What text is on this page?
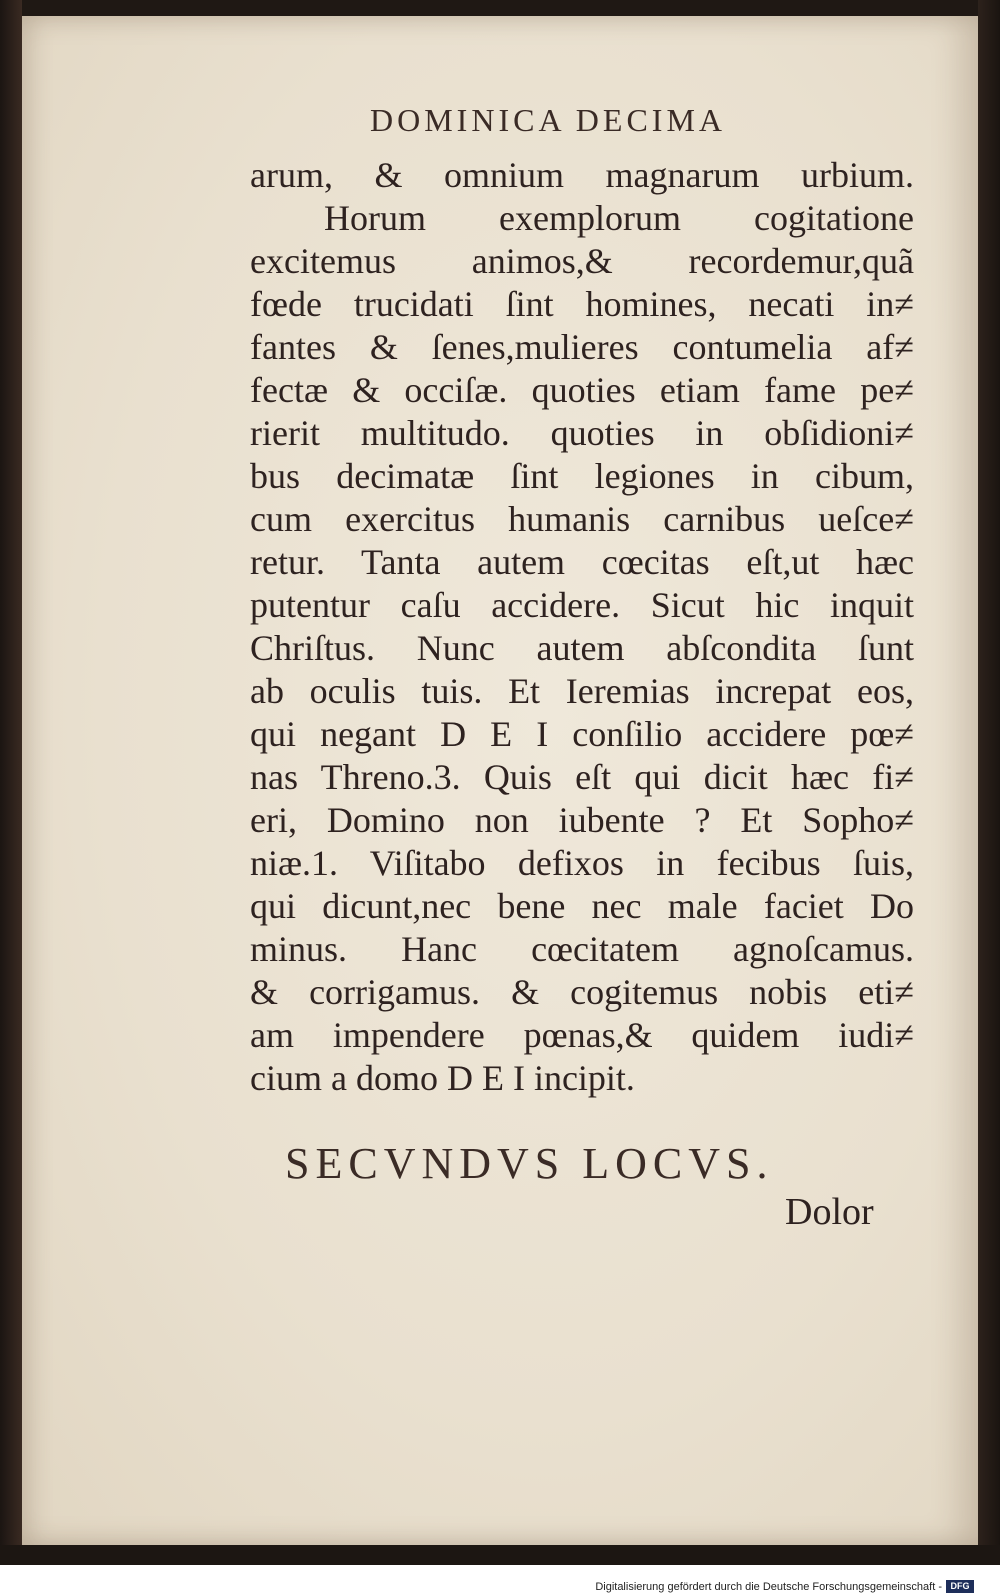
DOMINICA DECIMA
arum, & omnium magnarum urbium.
Horum exemplorum cogitatione
excitemus animos,& recordemur,quã
fœde trucidati ſint homines, necati in≠
fantes & ſenes,mulieres contumelia af≠
fectæ & occiſæ. quoties etiam fame pe≠
rierit multitudo. quoties in obſidioni≠
bus decimatæ ſint legiones in cibum,
cum exercitus humanis carnibus ueſce≠
retur. Tanta autem cœcitas eſt,ut hæc
putentur caſu accidere. Sicut hic inquit
Chriſtus. Nunc autem abſcondita ſunt
ab oculis tuis. Et Ieremias increpat eos,
qui negant D E I conſilio accidere pœ≠
nas Threno.3. Quis eſt qui dicit hæc fi≠
eri, Domino non iubente ? Et Sopho≠
niæ.1. Viſitabo defixos in fecibus ſuis,
qui dicunt,nec bene nec male faciet Do
minus. Hanc cœcitatem agnoſcamus.
& corrigamus. & cogitemus nobis eti≠
am impendere pœnas,& quidem iudi≠
cium a domo D E I incipit.
SECVNDVS LOCVS.
Dolor
Digitalisierung gefördert durch die Deutsche Forschungsgemeinschaft - DFG
